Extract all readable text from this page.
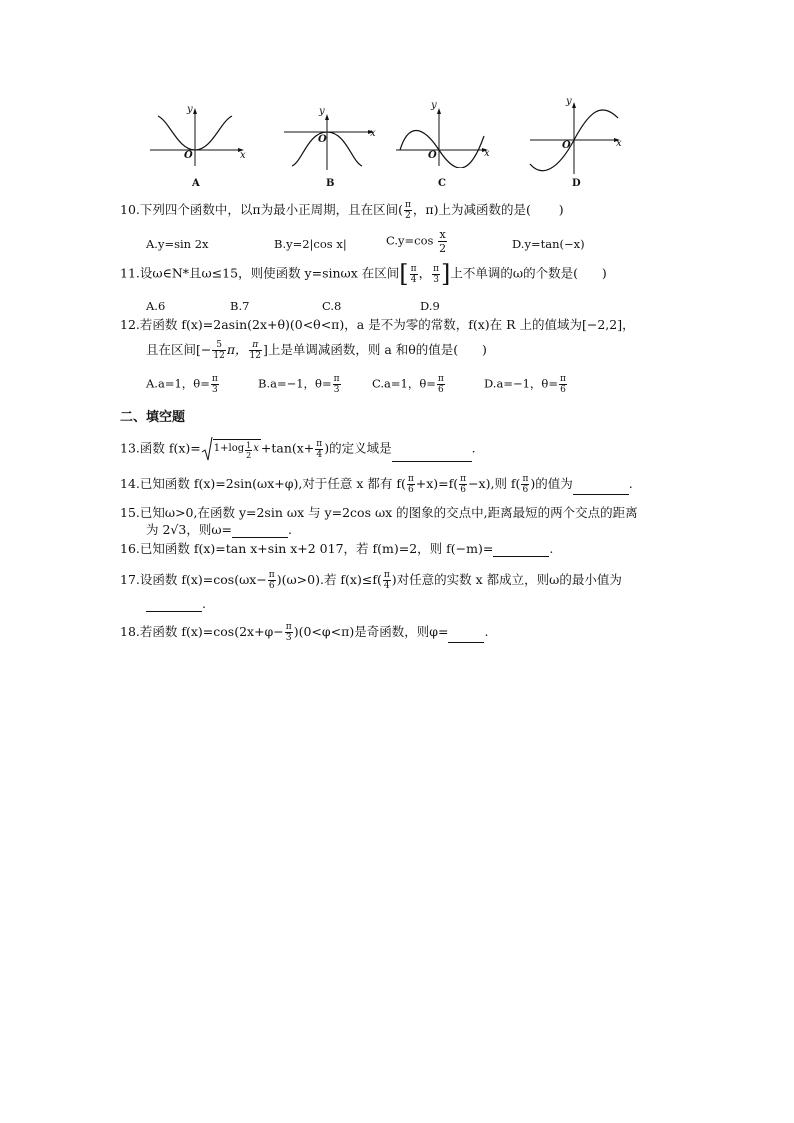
y
x
O
A
y
x
O
B
y
x
O
C
y
x
O
D
10.下列四个函数中，以π为最小正周期，且在区间( $\frac{\pi}{2}$ ，π)上为减函数的是( )
A.y=sin 2x	B.y=2|cos x|	$C.y=\cos \frac{x}{2}$	D.y=tan(−x)
11.设ω∈N*且ω≤15，则使函数 y=sinωx 在区间[ $\frac{\pi}{4}$ ， $\frac{\pi}{3}$ ]上不单调的ω的个数是( )
A.6	B.7	C.8	D.9
12.若函数 f(x)=2asin(2x+θ)(0<θ<π)，a 是不为零的常数，f(x)在 R 上的值域为[−2,2]，
且在区间[− $\frac{5}{12}$ π， $\frac{\pi}{12}$ ]上是单调减函数，则 a 和θ的值是( )
A.a=1，$\theta= \frac{\pi}{3}$	B.a=−1，$\theta= \frac{\pi}{3}$	C.a=1，$\theta= \frac{\pi}{6}$	D.a=−1，$\theta= \frac{\pi}{6}$
二、填空题
13.函数 $f(x)= 1+\log \frac{1}{2}$ $x +\tan(x+ \frac{\pi}{4}$ )的定义域是	.
14.已知函数 f(x)=2sin(ωx+φ),对于任意 x 都有 $f( \frac{\pi}{6} +x)=f( \frac{\pi}{6} -x)$,则 $f( \frac{\pi}{6}$ )的值为	.
15.已知ω>0,在函数 y=2sin ωx 与 y=2cos ωx 的图象的交点中,距离最短的两个交点的距离
为 2√3，则ω=	.
16.已知函数 f(x)=tan x+sin x+2 017，若 f(m)=2，则 f(−m)=	.
17.设函数 $f(x)=\cos(\omega x- \frac{\pi}{6} )(\omega>0)$.若 $f(x)\le f( \frac{\pi}{4}$ )对任意的实数 x 都成立，则ω的最小值为
.
18.若函数 $f(x)=\cos(2x+\varphi- \frac{\pi}{3} )(0<\varphi<\pi)$是奇函数，则φ=	.
